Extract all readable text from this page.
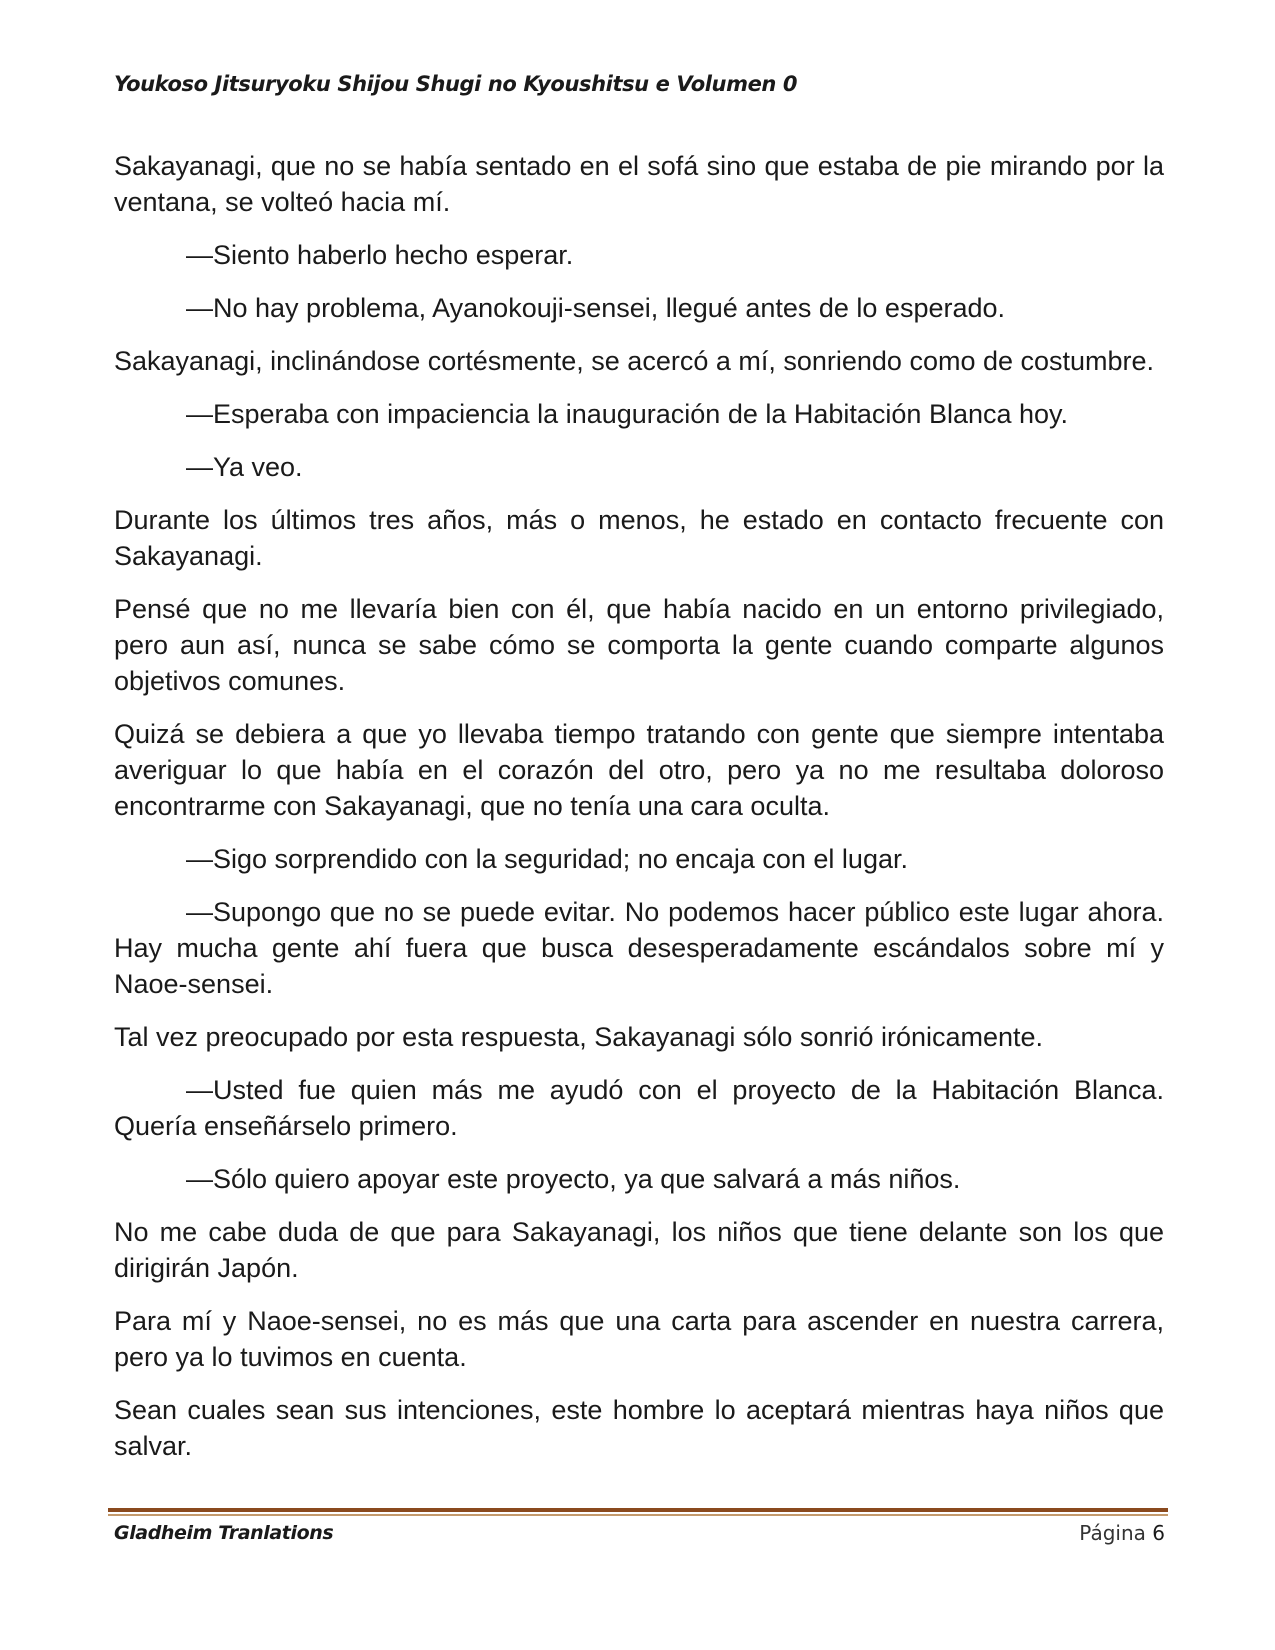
Youkoso Jitsuryoku Shijou Shugi no Kyoushitsu e Volumen 0

Sakayanagi, que no se había sentado en el sofá sino que estaba de pie mirando por la ventana, se volteó hacia mí.

—Siento haberlo hecho esperar.

—No hay problema, Ayanokouji-sensei, llegué antes de lo esperado.

Sakayanagi, inclinándose cortésmente, se acercó a mí, sonriendo como de costumbre.

—Esperaba con impaciencia la inauguración de la Habitación Blanca hoy.

—Ya veo.

Durante los últimos tres años, más o menos, he estado en contacto frecuente con Sakayanagi.

Pensé que no me llevaría bien con él, que había nacido en un entorno privilegiado, pero aun así, nunca se sabe cómo se comporta la gente cuando comparte algunos objetivos comunes.

Quizá se debiera a que yo llevaba tiempo tratando con gente que siempre intentaba averiguar lo que había en el corazón del otro, pero ya no me resultaba doloroso encontrarme con Sakayanagi, que no tenía una cara oculta.

—Sigo sorprendido con la seguridad; no encaja con el lugar.

—Supongo que no se puede evitar. No podemos hacer público este lugar ahora. Hay mucha gente ahí fuera que busca desesperadamente escándalos sobre mí y Naoe-sensei.

Tal vez preocupado por esta respuesta, Sakayanagi sólo sonrió irónicamente.

—Usted fue quien más me ayudó con el proyecto de la Habitación Blanca. Quería enseñárselo primero.

—Sólo quiero apoyar este proyecto, ya que salvará a más niños.

No me cabe duda de que para Sakayanagi, los niños que tiene delante son los que dirigirán Japón.

Para mí y Naoe-sensei, no es más que una carta para ascender en nuestra carrera, pero ya lo tuvimos en cuenta.

Sean cuales sean sus intenciones, este hombre lo aceptará mientras haya niños que salvar.

Gladheim Tranlations	Página 6
